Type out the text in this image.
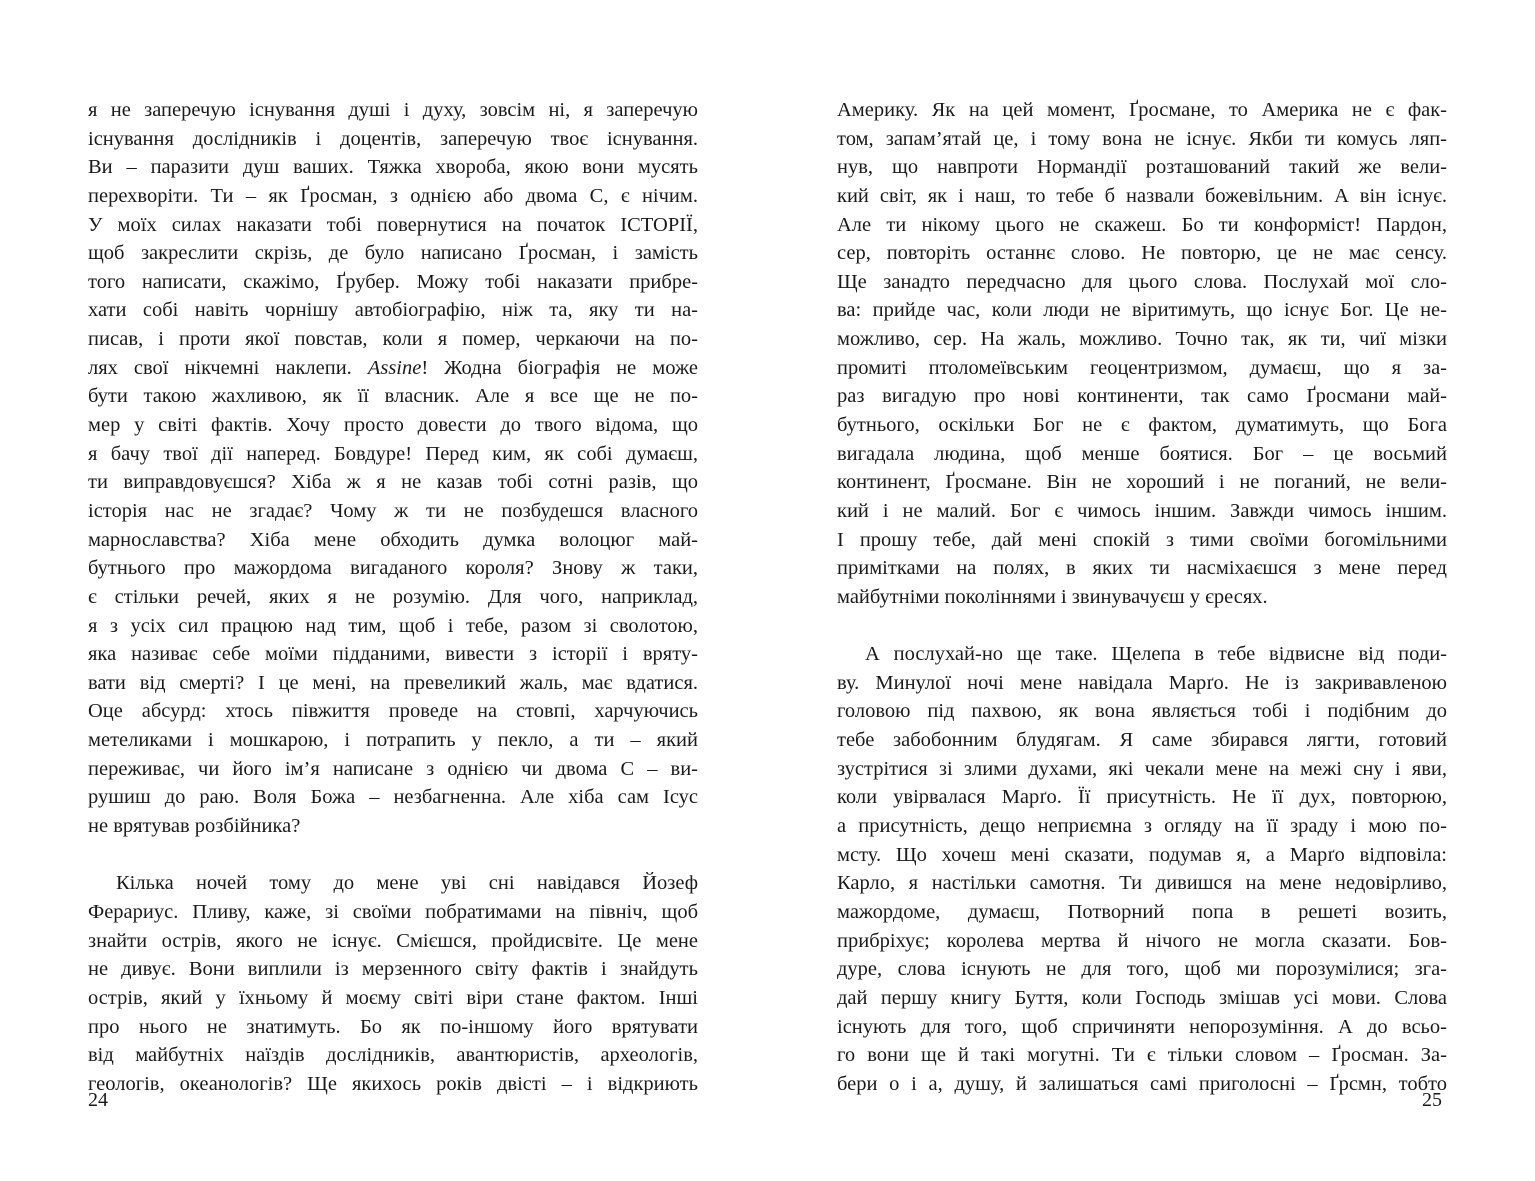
я не заперечую існування душі і духу, зовсім ні, я заперечую
існування дослідників і доцентів, заперечую твоє існування.
Ви – паразити душ ваших. Тяжка хвороба, якою вони мусять
перехворіти. Ти – як Ґросман, з однією або двома С, є нічим.
У моїх силах наказати тобі повернутися на початок ІСТОРІЇ,
щоб закреслити скрізь, де було написано Ґросман, і замість
того написати, скажімо, Ґрубер. Можу тобі наказати прибре-
хати собі навіть чорнішу автобіографію, ніж та, яку ти на-
писав, і проти якої повстав, коли я помер, черкаючи на по-
лях свої нікчемні наклепи. Assine! Жодна біографія не може
бути такою жахливою, як її власник. Але я все ще не по-
мер у світі фактів. Хочу просто довести до твого відома, що
я бачу твої дії наперед. Бовдуре! Перед ким, як собі думаєш,
ти виправдовуєшся? Хіба ж я не казав тобі сотні разів, що
історія нас не згадає? Чому ж ти не позбудешся власного
марнославства? Хіба мене обходить думка волоцюг май-
бутнього про мажордома вигаданого короля? Знову ж таки,
є стільки речей, яких я не розумію. Для чого, наприклад,
я з усіх сил працюю над тим, щоб і тебе, разом зі сволотою,
яка називає себе моїми підданими, вивести з історії і вряту-
вати від смерті? І це мені, на превеликий жаль, має вдатися.
Оце абсурд: хтось півжиття проведе на стовпі, харчуючись
метеликами і мошкарою, і потрапить у пекло, а ти – який
переживає, чи його ім’я написане з однією чи двома С – ви-
рушиш до раю. Воля Божа – незбагненна. Але хіба сам Ісус
не врятував розбійника?
Кілька ночей тому до мене уві сні навідався Йозеф
Ферариус. Пливу, каже, зі своїми побратимами на північ, щоб
знайти острів, якого не існує. Смієшся, пройдисвіте. Це мене
не дивує. Вони виплили із мерзенного світу фактів і знайдуть
острів, який у їхньому й моєму світі віри стане фактом. Інші
про нього не знатимуть. Бо як по-іншому його врятувати
від майбутніх наїздів дослідників, авантюристів, археологів,
геологів, океанологів? Ще якихось років двісті – і відкриють
24
Америку. Як на цей момент, Ґросмане, то Америка не є фак-
том, запам’ятай це, і тому вона не існує. Якби ти комусь ляп-
нув, що навпроти Нормандії розташований такий же вели-
кий світ, як і наш, то тебе б назвали божевільним. А він існує.
Але ти нікому цього не скажеш. Бо ти конформіст! Пардон,
сер, повторіть останнє слово. Не повторю, це не має сенсу.
Ще занадто передчасно для цього слова. Послухай мої сло-
ва: прийде час, коли люди не віритимуть, що існує Бог. Це не-
можливо, сер. На жаль, можливо. Точно так, як ти, чиї мізки
промиті птоломеївським геоцентризмом, думаєш, що я за-
раз вигадую про нові континенти, так само Ґросмани май-
бутнього, оскільки Бог не є фактом, думатимуть, що Бога
вигадала людина, щоб менше боятися. Бог – це восьмий
континент, Ґросмане. Він не хороший і не поганий, не вели-
кий і не малий. Бог є чимось іншим. Завжди чимось іншим.
І прошу тебе, дай мені спокій з тими своїми богомільними
примітками на полях, в яких ти насміхаєшся з мене перед
майбутніми поколіннями і звинувачуєш у єресях.
А послухай-но ще таке. Щелепа в тебе відвисне від поди-
ву. Минулої ночі мене навідала Марґо. Не із закривавленою
головою під пахвою, як вона являється тобі і подібним до
тебе забобонним блудягам. Я саме збирався лягти, готовий
зустрітися зі злими духами, які чекали мене на межі сну і яви,
коли увірвалася Марґо. Її присутність. Не її дух, повторюю,
а присутність, дещо неприємна з огляду на її зраду і мою по-
мсту. Що хочеш мені сказати, подумав я, а Марґо відповіла:
Карло, я настільки самотня. Ти дивишся на мене недовірливо,
мажордоме, думаєш, Потворний попа в решеті возить,
прибріхує; королева мертва й нічого не могла сказати. Бов-
дуре, слова існують не для того, щоб ми порозумілися; зга-
дай першу книгу Буття, коли Господь змішав усі мови. Слова
існують для того, щоб спричиняти непорозуміння. А до всьо-
го вони ще й такі могутні. Ти є тільки словом – Ґросман. За-
бери о і а, душу, й залишаться самі приголосні – Ґрсмн, тобто
25
